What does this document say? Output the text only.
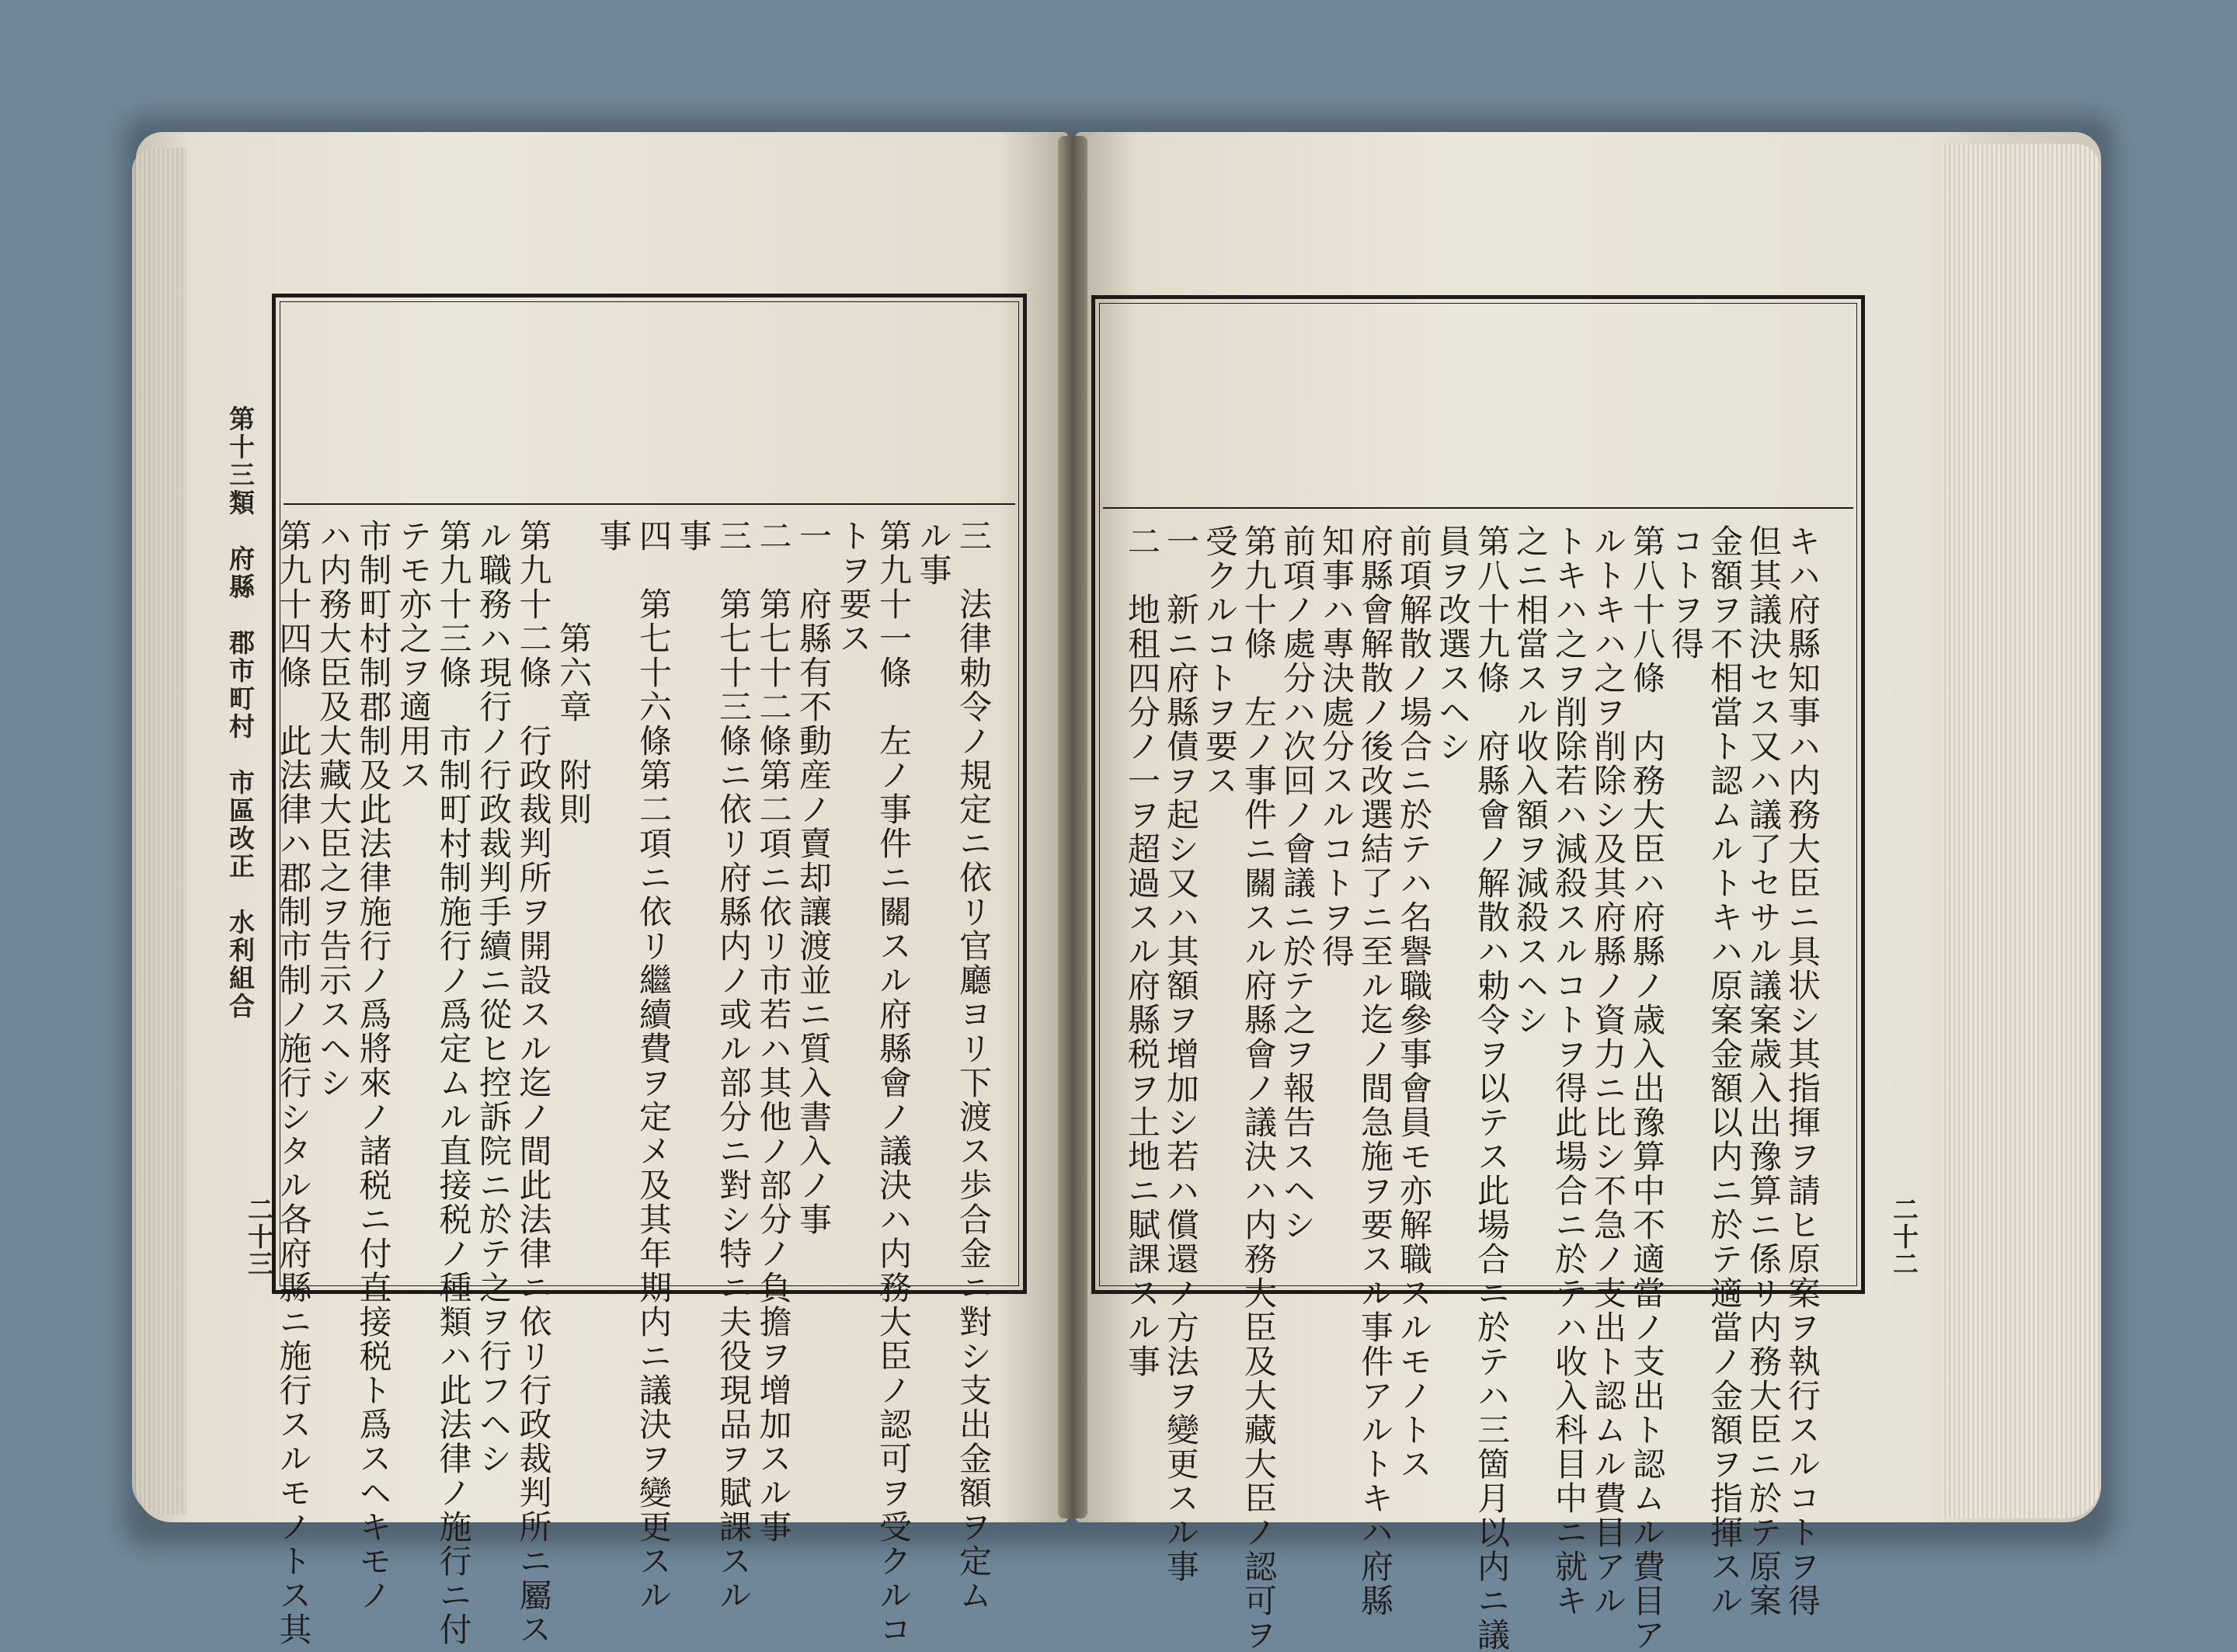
第十三類　府縣　郡市町村　市區改正　水利組合
二十三	二十二
三　法律勅令ノ規定ニ依リ官廳ヨリ下渡ス歩合金ニ對シ支出金額ヲ定ム
ル事
第九十一條　左ノ事件ニ關スル府縣會ノ議決ハ内務大臣ノ認可ヲ受クルコ
トヲ要ス
一　府縣有不動産ノ賣却讓渡並ニ質入書入ノ事
二　第七十二條第二項ニ依リ市若ハ其他ノ部分ノ負擔ヲ增加スル事
三　第七十三條ニ依リ府縣内ノ或ル部分ニ對シ特ニ夫役現品ヲ賦課スル
事
四　第七十六條第二項ニ依リ繼續費ヲ定メ及其年期内ニ議決ヲ變更スル
事
　　　第六章　附則
第九十二條　行政裁判所ヲ開設スル迄ノ間此法律ニ依リ行政裁判所ニ屬ス
ル職務ハ現行ノ行政裁判手續ニ從ヒ控訴院ニ於テ之ヲ行フヘシ
第九十三條　市制町村制施行ノ爲定ムル直接税ノ種類ハ此法律ノ施行ニ付
テモ亦之ヲ適用ス
市制町村制郡制及此法律施行ノ爲將來ノ諸税ニ付直接税ト爲スヘキモノ
ハ内務大臣及大藏大臣之ヲ告示スヘシ
第九十四條　此法律ハ郡制市制ノ施行シタル各府縣ニ施行スルモノトス其	キハ府縣知事ハ内務大臣ニ具状シ其指揮ヲ請ヒ原案ヲ執行スルコトヲ得
但其議決セス又ハ議了セサル議案歳入出豫算ニ係リ内務大臣ニ於テ原案
金額ヲ不相當ト認ムルトキハ原案金額以内ニ於テ適當ノ金額ヲ指揮スル
コトヲ得
第八十八條　内務大臣ハ府縣ノ歳入出豫算中不適當ノ支出ト認ムル費目ア
ルトキハ之ヲ削除シ及其府縣ノ資力ニ比シ不急ノ支出ト認ムル費目アル
トキハ之ヲ削除若ハ減殺スルコトヲ得此場合ニ於テハ收入科目中ニ就キ
之ニ相當スル收入額ヲ減殺スヘシ
第八十九條　府縣會ノ解散ハ勅令ヲ以テス此場合ニ於テハ三箇月以内ニ議
員ヲ改選スヘシ
前項解散ノ場合ニ於テハ名譽職參事會員モ亦解職スルモノトス
府縣會解散ノ後改選結了ニ至ル迄ノ間急施ヲ要スル事件アルトキハ府縣
知事ハ專決處分スルコトヲ得
前項ノ處分ハ次回ノ會議ニ於テ之ヲ報告スヘシ
第九十條　左ノ事件ニ關スル府縣會ノ議決ハ内務大臣及大藏大臣ノ認可ヲ
受クルコトヲ要ス
一　新ニ府縣債ヲ起シ又ハ其額ヲ增加シ若ハ償還ノ方法ヲ變更スル事
二　地租四分ノ一ヲ超過スル府縣税ヲ土地ニ賦課スル事
